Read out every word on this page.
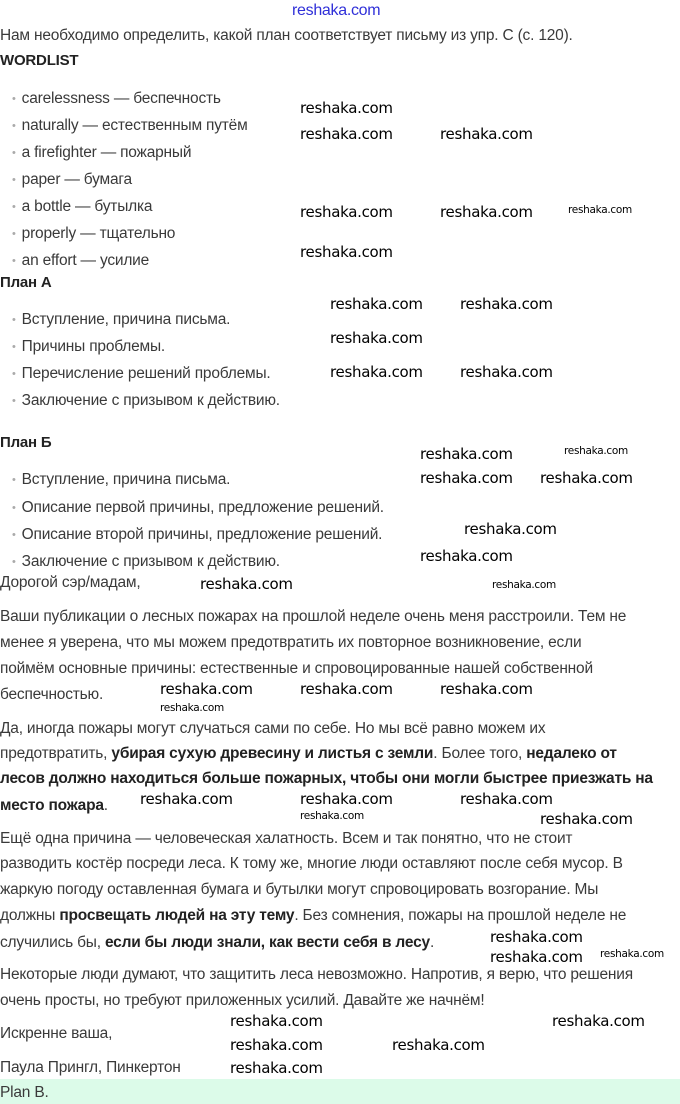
reshaka.com
Нам необходимо определить, какой план соответствует письму из упр. C (с. 120).
WORDLIST
• carelessness — беспечность
• naturally — естественным путём
• a firefighter — пожарный
• paper — бумага
• a bottle — бутылка
• properly — тщательно
• an effort — усилие
План А
• Вступление, причина письма.
• Причины проблемы.
• Перечисление решений проблемы.
• Заключение с призывом к действию.
План Б
• Вступление, причина письма.
• Описание первой причины, предложение решений.
• Описание второй причины, предложение решений.
• Заключение с призывом к действию.
Дорогой сэр/мадам,
Ваши публикации о лесных пожарах на прошлой неделе очень меня расстроили. Тем не
менее я уверена, что мы можем предотвратить их повторное возникновение, если
поймём основные причины: естественные и спровоцированные нашей собственной
беспечностью.
Да, иногда пожары могут случаться сами по себе. Но мы всё равно можем их
предотвратить, убирая сухую древесину и листья с земли. Более того, недалеко от
лесов должно находиться больше пожарных, чтобы они могли быстрее приезжать на
место пожара.
Ещё одна причина — человеческая халатность. Всем и так понятно, что не стоит
разводить костёр посреди леса. К тому же, многие люди оставляют после себя мусор. В
жаркую погоду оставленная бумага и бутылки могут спровоцировать возгорание. Мы
должны просвещать людей на эту тему. Без сомнения, пожары на прошлой неделе не
случились бы, если бы люди знали, как вести себя в лесу.
Некоторые люди думают, что защитить леса невозможно. Напротив, я верю, что решения
очень просты, но требуют приложенных усилий. Давайте же начнём!
Искренне ваша,
Паула Прингл, Пинкертон
Plan B.
reshaka.com
reshaka.com	reshaka.com
reshaka.com	reshaka.com	reshaka.com
reshaka.com
reshaka.com reshaka.com
reshaka.com
reshaka.com reshaka.com
reshaka.com	reshaka.com
reshaka.com reshaka.com
reshaka.com
reshaka.com
reshaka.com	reshaka.com
reshaka.com
reshaka.com
reshaka.com
reshaka.com
reshaka.com	reshaka.com
reshaka.com
reshaka.com
reshaka.com
reshaka.com
reshaka.com
reshaka.com
reshaka.com	reshaka.com
reshaka.com	reshaka.com
reshaka.com
